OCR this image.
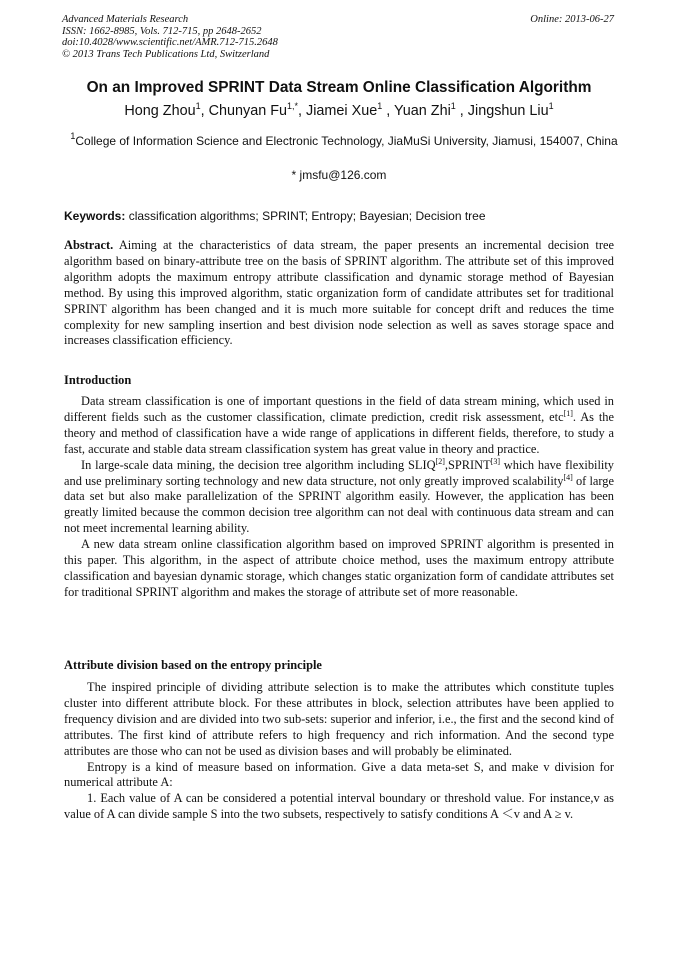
Advanced Materials Research
ISSN: 1662-8985, Vols. 712-715, pp 2648-2652
doi:10.4028/www.scientific.net/AMR.712-715.2648
© 2013 Trans Tech Publications Ltd, Switzerland
Online: 2013-06-27
On an Improved SPRINT Data Stream Online Classification Algorithm
Hong Zhou$^1$, Chunyan $Fu^{1,*}$, Jiamei Xue$^1$ , Yuan Zhi$^1$ , Jingshun Liu$^1$
$^1$College of Information Science and Electronic Technology, JiaMuSi University, Jiamusi, 154007, China
* jmsfu@126.com
Keywords: classification algorithms; SPRINT; Entropy; Bayesian; Decision tree
Abstract. Aiming at the characteristics of data stream, the paper presents an incremental decision tree algorithm based on binary-attribute tree on the basis of SPRINT algorithm. The attribute set of this improved algorithm adopts the maximum entropy attribute classification and dynamic storage method of Bayesian method. By using this improved algorithm, static organization form of candidate attributes set for traditional SPRINT algorithm has been changed and it is much more suitable for concept drift and reduces the time complexity for new sampling insertion and best division node selection as well as saves storage space and increases classification efficiency.
Introduction

Data stream classification is one of important questions in the field of data stream mining, which used in different fields such as the customer classification, climate prediction, credit risk assessment, etc[1]. As the theory and method of classification have a wide range of applications in different fields, therefore, to study a fast, accurate and stable data stream classification system has great value in theory and practice.

In large-scale data mining, the decision tree algorithm including SLIQ[2],SPRINT[3] which have flexibility and use preliminary sorting technology and new data structure, not only greatly improved scalability[4] of large data set but also make parallelization of the SPRINT algorithm easily. However, the application has been greatly limited because the common decision tree algorithm can not deal with continuous data stream and can not meet incremental learning ability.

A new data stream online classification algorithm based on improved SPRINT algorithm is presented in this paper. This algorithm, in the aspect of attribute choice method, uses the maximum entropy attribute classification and bayesian dynamic storage, which changes static organization form of candidate attributes set for traditional SPRINT algorithm and makes the storage of attribute set of more reasonable.

Attribute division based on the entropy principle

The inspired principle of dividing attribute selection is to make the attributes which constitute tuples cluster into different attribute block. For these attributes in block, selection attributes have been applied to frequency division and are divided into two sub-sets: superior and inferior, i.e., the first and the second kind of attributes. The first kind of attribute refers to high frequency and rich information. And the second type attributes are those who can not be used as division bases and will probably be eliminated.

Entropy is a kind of measure based on information. Give a data meta-set S, and make v division for numerical attribute A:

1. Each value of A can be considered a potential interval boundary or threshold value. For instance,v as value of A can divide sample S into the two subsets, respectively to satisfy conditions A ＜v and A ≥ v.
